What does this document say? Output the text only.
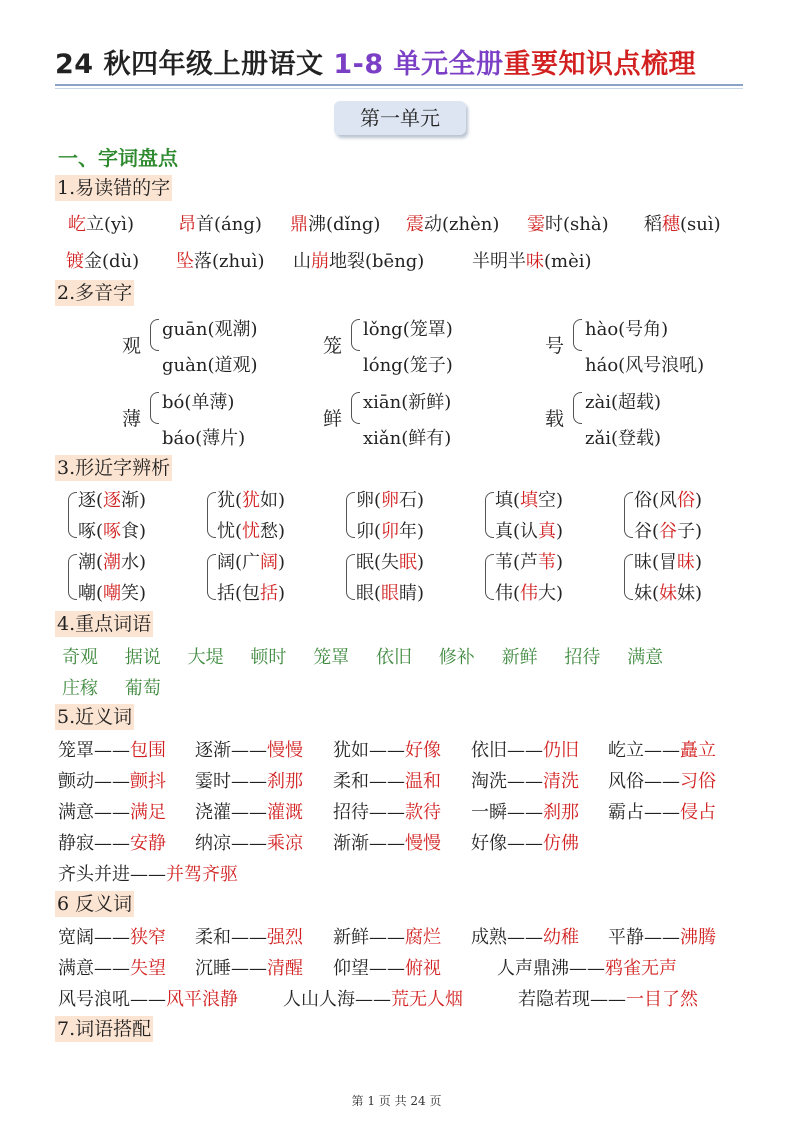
24 秋四年级上册语文 1-8 单元全册重要知识点梳理
第一单元
一、字词盘点
1.易读错的字
2.多音字
3.形近字辨析
4.重点词语
5.近义词
6 反义词
7.词语搭配
屹立(yì) 昂首(áng) 鼎沸(dǐng) 震动(zhèn) 霎时(shà) 稻穗(suì)
镀金(dù) 坠落(zhuì) 山崩地裂(bēng)	半明半味(mèi)
观
guān(观潮)
guàn(道观)
笼
lǒng(笼罩)
lóng(笼子)
号
hào(号角)
háo(风号浪吼)
薄
bó(单薄)
báo(薄片)
鲜
xiān(新鲜)
xiǎn(鲜有)
载
zài(超载)
zǎi(登载)
逐(逐渐)
啄(啄食)
犹(犹如)
忧(忧愁)
卵(卵石)
卯(卯年)
填(填空)
真(认真)
俗(风俗)
谷(谷子)
潮(潮水)
嘲(嘲笑)
阔(广阔)
括(包括)
眠(失眠)
眼(眼睛)
苇(芦苇)
伟(伟大)
昧(冒昧)
妹(妹妹)
奇观 据说 大堤 顿时 笼罩 依旧 修补 新鲜 招待 满意
庄稼 葡萄
笼罩——包围 逐渐——慢慢 犹如——好像 依旧——仍旧 屹立——矗立
颤动——颤抖 霎时——刹那 柔和——温和 淘洗——清洗 风俗——习俗
满意——满足 浇灌——灌溉 招待——款待 一瞬——刹那 霸占——侵占
静寂——安静 纳凉——乘凉 渐渐——慢慢 好像——仿佛
齐头并进——并驾齐驱
宽阔——狭窄 柔和——强烈 新鲜——腐烂 成熟——幼稚 平静——沸腾
满意——失望 沉睡——清醒 仰望——俯视	人声鼎沸——鸦雀无声
风号浪吼——风平浪静	人山人海——荒无人烟	若隐若现——一目了然
第 1 页 共 24 页
